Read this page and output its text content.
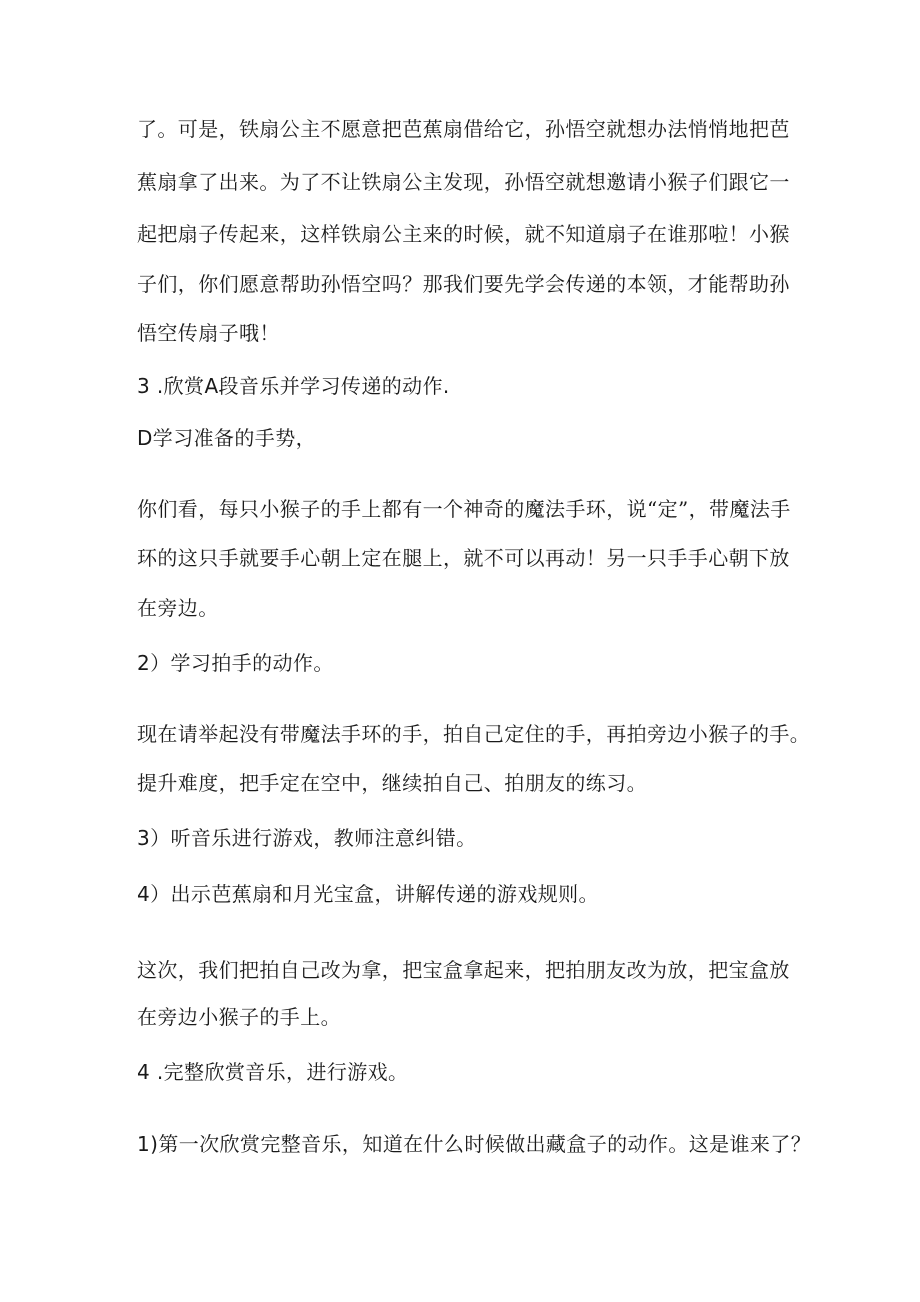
了。可是，铁扇公主不愿意把芭蕉扇借给它，孙悟空就想办法悄悄地把芭
蕉扇拿了出来。为了不让铁扇公主发现，孙悟空就想邀请小猴子们跟它一
起把扇子传起来，这样铁扇公主来的时候，就不知道扇子在谁那啦！小猴
子们，你们愿意帮助孙悟空吗？那我们要先学会传递的本领，才能帮助孙
悟空传扇子哦！
3 .欣赏A段音乐并学习传递的动作.
D学习准备的手势，
你们看，每只小猴子的手上都有一个神奇的魔法手环，说“定”，带魔法手
环的这只手就要手心朝上定在腿上，就不可以再动！另一只手手心朝下放
在旁边。
2）学习拍手的动作。
现在请举起没有带魔法手环的手，拍自己定住的手，再拍旁边小猴子的手。
提升难度，把手定在空中，继续拍自己、拍朋友的练习。
3）听音乐进行游戏，教师注意纠错。
4）出示芭蕉扇和月光宝盒，讲解传递的游戏规则。
这次，我们把拍自己改为拿，把宝盒拿起来，把拍朋友改为放，把宝盒放
在旁边小猴子的手上。
4 .完整欣赏音乐，进行游戏。
1)第一次欣赏完整音乐，知道在什么时候做出藏盒子的动作。这是谁来了？
